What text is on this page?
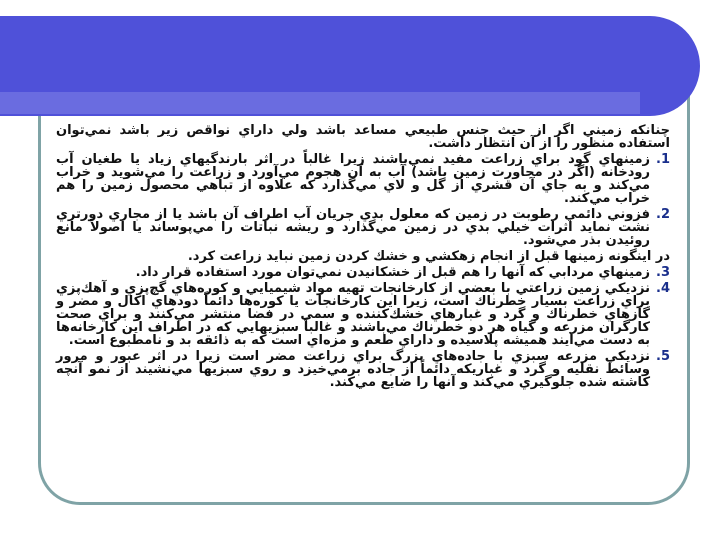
چنانکه زميني اگر از حيث جنس طبيعي مساعد باشد ولي داراي نواقص زير باشد نمي‌توان استفاده منظور را از آن انتظار داشت.

1.
زمينهاي گود براي زراعت مفيد نمي‌باشند زيرا غالباً در اثر بارندگيهاي زياد يا طغيان آب رودخانه (اگر در مجاورت زمين باشد) آب به آن هجوم مي‌آورد و زراعت را مي‌شويد و خراب مي‌كند و به جاي آن قشري از گل و لاي مي‌گذارد كه علاوه از تباهي محصول زمين را هم خراب مي‌كند.
2.
فزوني دائمي رطوبت در زمين كه معلول بدي جريان آب اطراف آن باشد يا از مجاري دورتري نشت نمايد اثرات خيلي بدي در زمين مي‌گذارد و ريشه نباتات را مي‌پوساند يا اصولاً مانع روئيدن بذر مي‌شود.

در اينگونه زمينها قبل از انجام زهكشي و خشك كردن زمين نبايد زراعت كرد.

3.
زمينهاي مردابي كه آنها را هم قبل از خشكانيدن نمي‌توان مورد استفاده قرار داد.
4.
نزديكي زمين زراعتي با بعضي از كارخانجات تهيه مواد شيميايي و كوره‌هاي گچ‌پزي و آهك‌پزي براي زراعت بسيار خطرناك است، زيرا اين كارخانجات يا كوره‌ها دائماً دودهاي اكال و مضر و گازهاي خطرناك و گرد و غبارهاي خشك‌كننده و سمي در فضا منتشر مي‌كنند و براي صحت كارگران مزرعه و گياه هر دو خطرناك مي‌باشند و غالباً سبزيهايي كه در اطراف اين كارخانه‌ها به دست مي‌آيند هميشه پلاسيده و داراي طعم و مزه‌اي است كه به ذائقه بد و نامطبوع است.
5.
نزديكي مزرعه سبزي با جاده‌هاي بزرگ براي زراعت مضر است زيرا در اثر عبور و مرور وسائط نقليه و گرد و غباريكه دائماً از جاده برمي‌خيزد و روي سبزيها مي‌نشيند از نمو آنچه كاشته شده جلوگيري مي‌كند و آنها را ضايع مي‌كند.
